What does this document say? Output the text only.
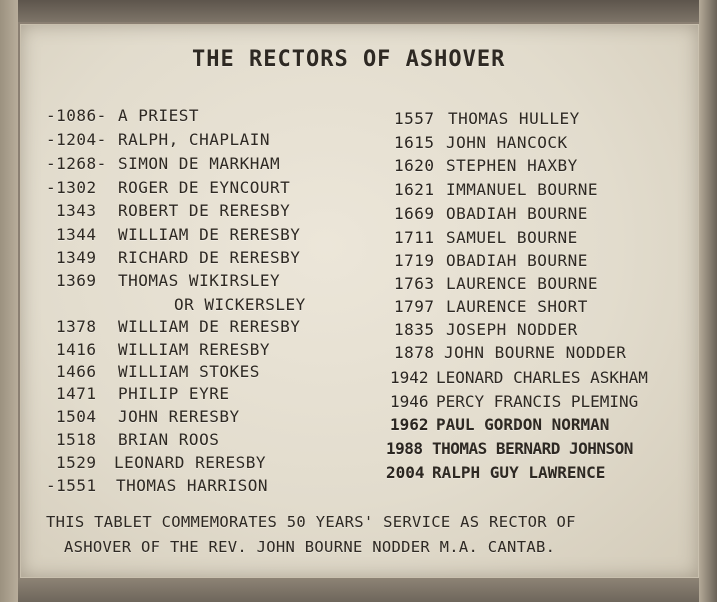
THE RECTORS OF ASHOVER

-1086- A PRIEST

-1204- RALPH, CHAPLAIN

-1268- SIMON DE MARKHAM

-1302 ROGER DE EYNCOURT

1343 ROBERT DE RERESBY

1344 WILLIAM DE RERESBY

1349 RICHARD DE RERESBY

1369 THOMAS WIKIRSLEY

OR WICKERSLEY

1378 WILLIAM DE RERESBY

1416 WILLIAM RERESBY

1466 WILLIAM STOKES

1471 PHILIP EYRE

1504 JOHN RERESBY

1518 BRIAN ROOS

1529 LEONARD RERESBY

-1551 THOMAS HARRISON

1557 THOMAS HULLEY

1615 JOHN HANCOCK

1620 STEPHEN HAXBY

1621 IMMANUEL BOURNE

1669 OBADIAH BOURNE

1711 SAMUEL BOURNE

1719 OBADIAH BOURNE

1763 LAURENCE BOURNE

1797 LAURENCE SHORT

1835 JOSEPH NODDER

1878 JOHN BOURNE NODDER

1942 LEONARD CHARLES ASKHAM

1946 PERCY FRANCIS PLEMING

1962 PAUL GORDON NORMAN

1988 THOMAS BERNARD JOHNSON

2004 RALPH GUY LAWRENCE

THIS TABLET COMMEMORATES 50 YEARS' SERVICE AS RECTOR OF

ASHOVER OF THE REV. JOHN BOURNE NODDER M.A. CANTAB.
